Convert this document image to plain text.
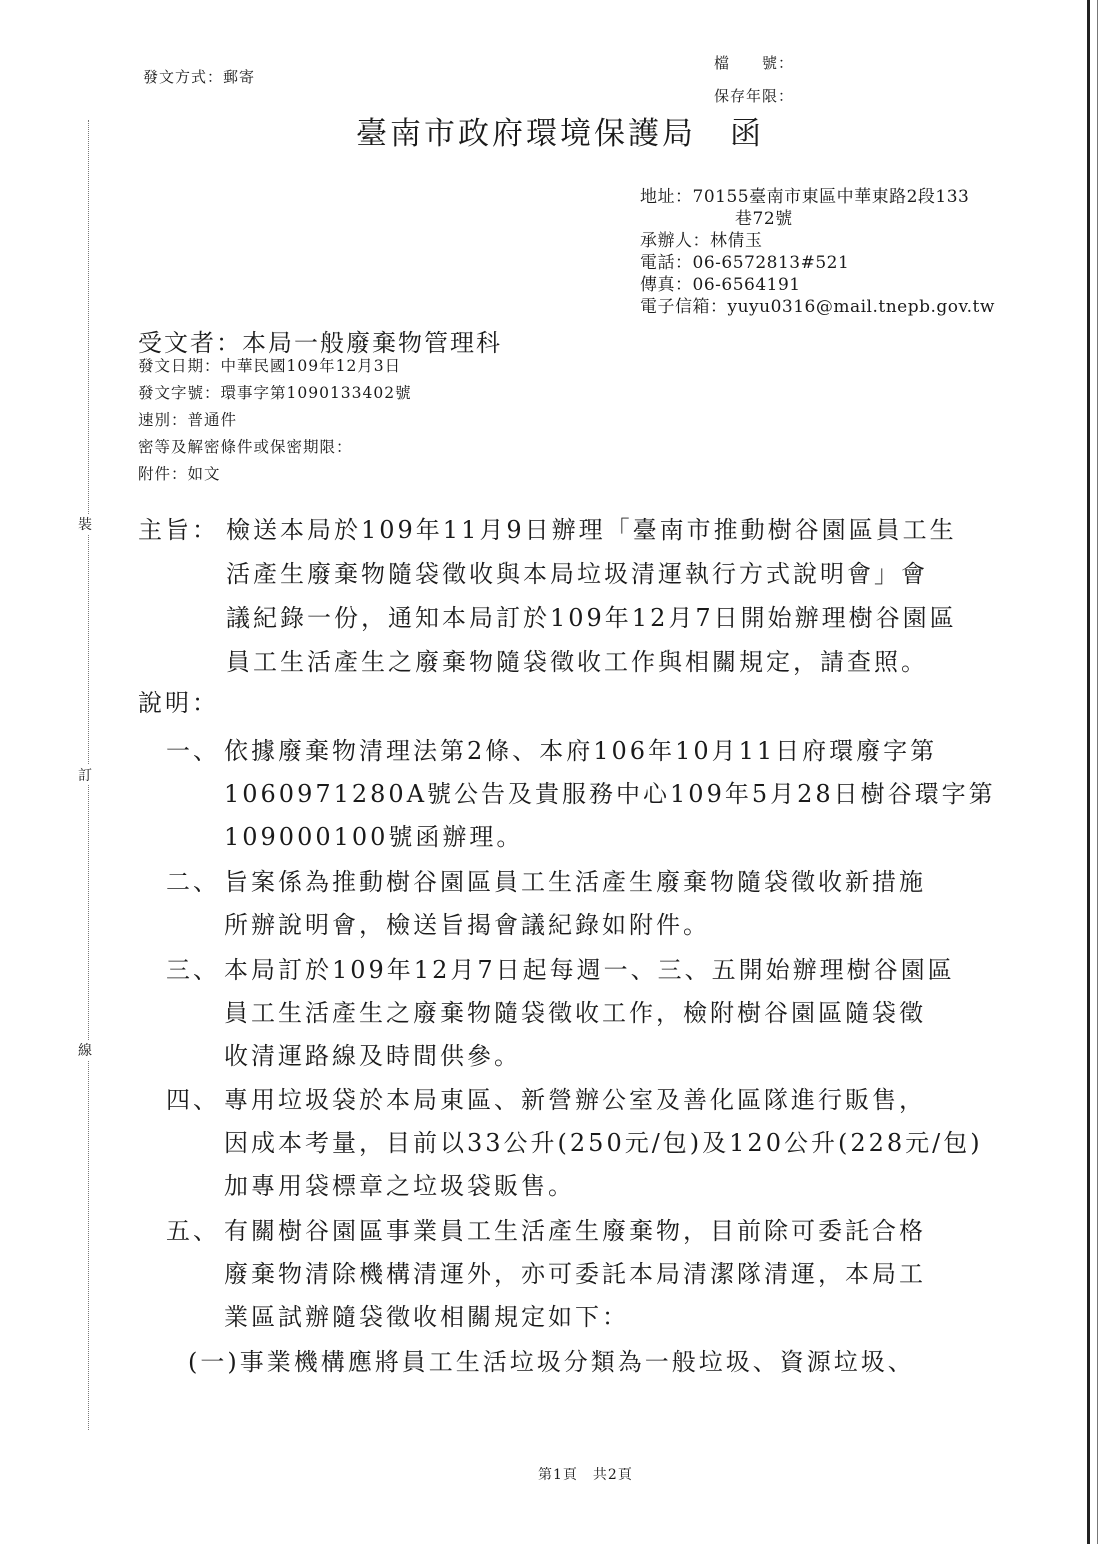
裝
訂
線
發文方式：郵寄
檔　　號：
保存年限：
臺南市政府環境保護局　函
地址：70155臺南市東區中華東路2段133
巷72號
承辦人：林倩玉
電話：06-6572813#521
傳真：06-6564191
電子信箱：yuyu0316@mail.tnepb.gov.tw
受文者：本局一般廢棄物管理科
發文日期：中華民國109年12月3日
發文字號：環事字第1090133402號
速別：普通件
密等及解密條件或保密期限：
附件：如文
主旨： 檢送本局於109年11月9日辦理「臺南市推動樹谷園區員工生
活產生廢棄物隨袋徵收與本局垃圾清運執行方式說明會」會
議紀錄一份，通知本局訂於109年12月7日開始辦理樹谷園區
員工生活產生之廢棄物隨袋徵收工作與相關規定，請查照。
說明：
一、 依據廢棄物清理法第2條、本府106年10月11日府環廢字第
1060971280A號公告及貴服務中心109年5月28日樹谷環字第
109000100號函辦理。
二、 旨案係為推動樹谷園區員工生活產生廢棄物隨袋徵收新措施
所辦說明會，檢送旨揭會議紀錄如附件。
三、 本局訂於109年12月7日起每週一、三、五開始辦理樹谷園區
員工生活產生之廢棄物隨袋徵收工作，檢附樹谷園區隨袋徵
收清運路線及時間供參。
四、 專用垃圾袋於本局東區、新營辦公室及善化區隊進行販售，
因成本考量，目前以33公升(250元/包)及120公升(228元/包)
加專用袋標章之垃圾袋販售。
五、 有關樹谷園區事業員工生活產生廢棄物，目前除可委託合格
廢棄物清除機構清運外，亦可委託本局清潔隊清運，本局工
業區試辦隨袋徵收相關規定如下：
(一)事業機構應將員工生活垃圾分類為一般垃圾、資源垃圾、
第1頁　共2頁
